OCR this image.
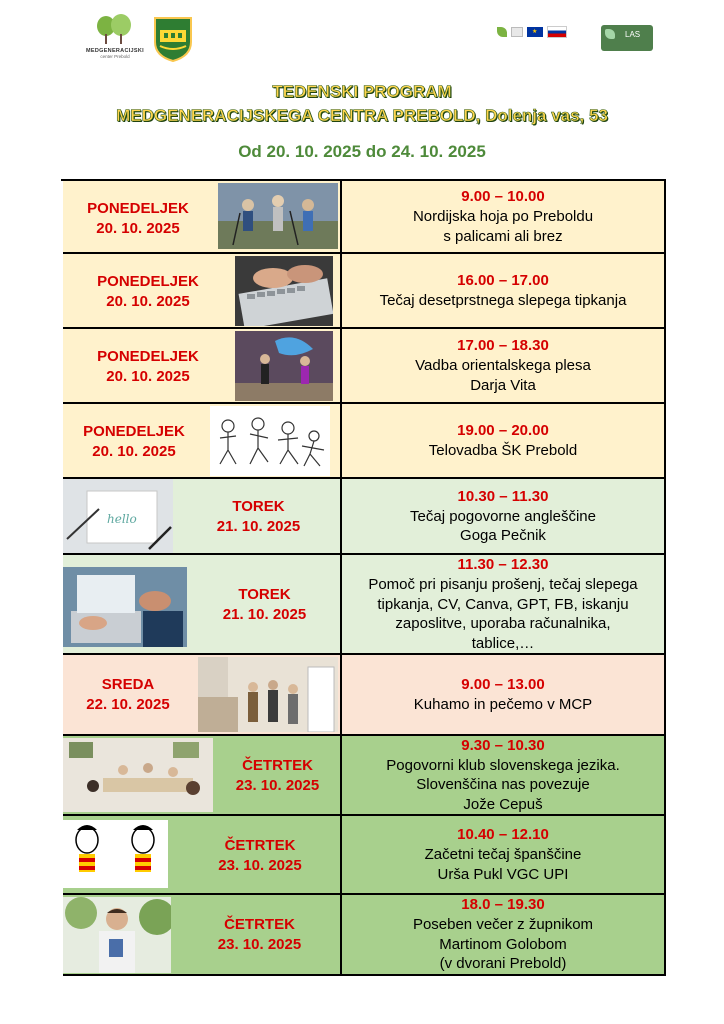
MEDGENERACIJSKI
center Prebold
★
LAS
TEDENSKI PROGRAM
MEDGENERACIJSKEGA CENTRA PREBOLD, Dolenja vas, 53
Od 20. 10. 2025 do 24. 10. 2025
PONEDELJEK
20. 10. 2025
9.00 – 10.00
Nordijska hoja po Preboldu
s palicami ali brez
PONEDELJEK
20. 10. 2025
16.00 – 17.00
Tečaj desetprstnega slepega tipkanja
PONEDELJEK
20. 10. 2025
17.00 – 18.30
Vadba orientalskega plesa
Darja Vita
PONEDELJEK
20. 10. 2025
19.00 – 20.00
Telovadba ŠK Prebold
hello
TOREK
21. 10. 2025
10.30 – 11.30
Tečaj pogovorne angleščine
Goga Pečnik
TOREK
21. 10. 2025
11.30 – 12.30
Pomoč pri pisanju prošenj, tečaj slepega
tipkanja, CV, Canva, GPT, FB, iskanju
zaposlitve, uporaba računalnika,
tablice,…
SREDA
22. 10. 2025
9.00 – 13.00
Kuhamo in pečemo v MCP
ČETRTEK
23. 10. 2025
9.30 – 10.30
Pogovorni klub slovenskega jezika.
Slovenščina nas povezuje
Jože Cepuš
ČETRTEK
23. 10. 2025
10.40 – 12.10
Začetni tečaj španščine
Urša Pukl VGC UPI
ČETRTEK
23. 10. 2025
18.0 – 19.30
Poseben večer z župnikom
Martinom Golobom
(v dvorani Prebold)
